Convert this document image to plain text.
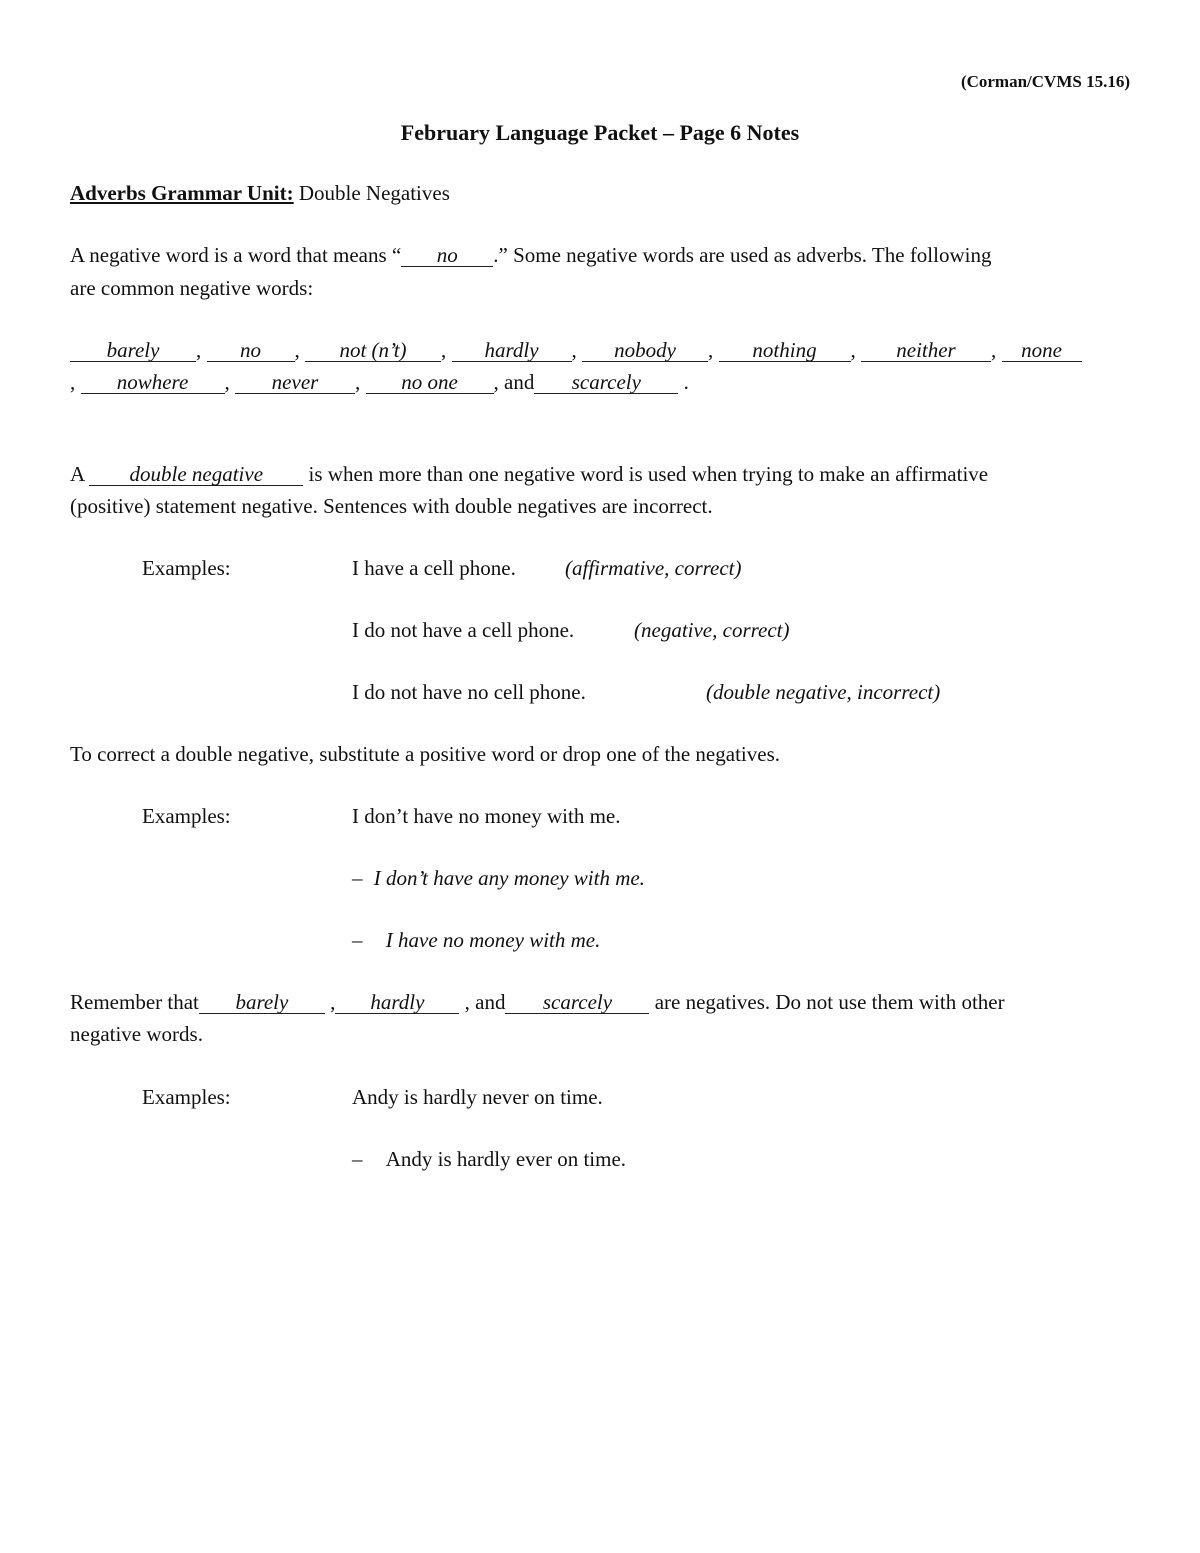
(Corman/CVMS 15.16)
February Language Packet – Page 6 Notes
Adverbs Grammar Unit: Double Negatives
A negative word is a word that means “ no .” Some negative words are used as adverbs. The following
are common negative words:
barely , no , not (n’t) , hardly , nobody , nothing , neither , none
, nowhere , never , no one , and scarcely .
A double negative is when more than one negative word is used when trying to make an affirmative
(positive) statement negative. Sentences with double negatives are incorrect.
Examples:	I have a cell phone. (affirmative, correct)
I do not have a cell phone.	(negative, correct)
I do not have no cell phone.	(double negative, incorrect)
To correct a double negative, substitute a positive word or drop one of the negatives.
Examples:	I don’t have no money with me.
– I don’t have any money with me.
– I have no money with me.
Remember that barely , hardly , and scarcely are negatives. Do not use them with other
negative words.
Examples:	Andy is hardly never on time.
– Andy is hardly ever on time.
